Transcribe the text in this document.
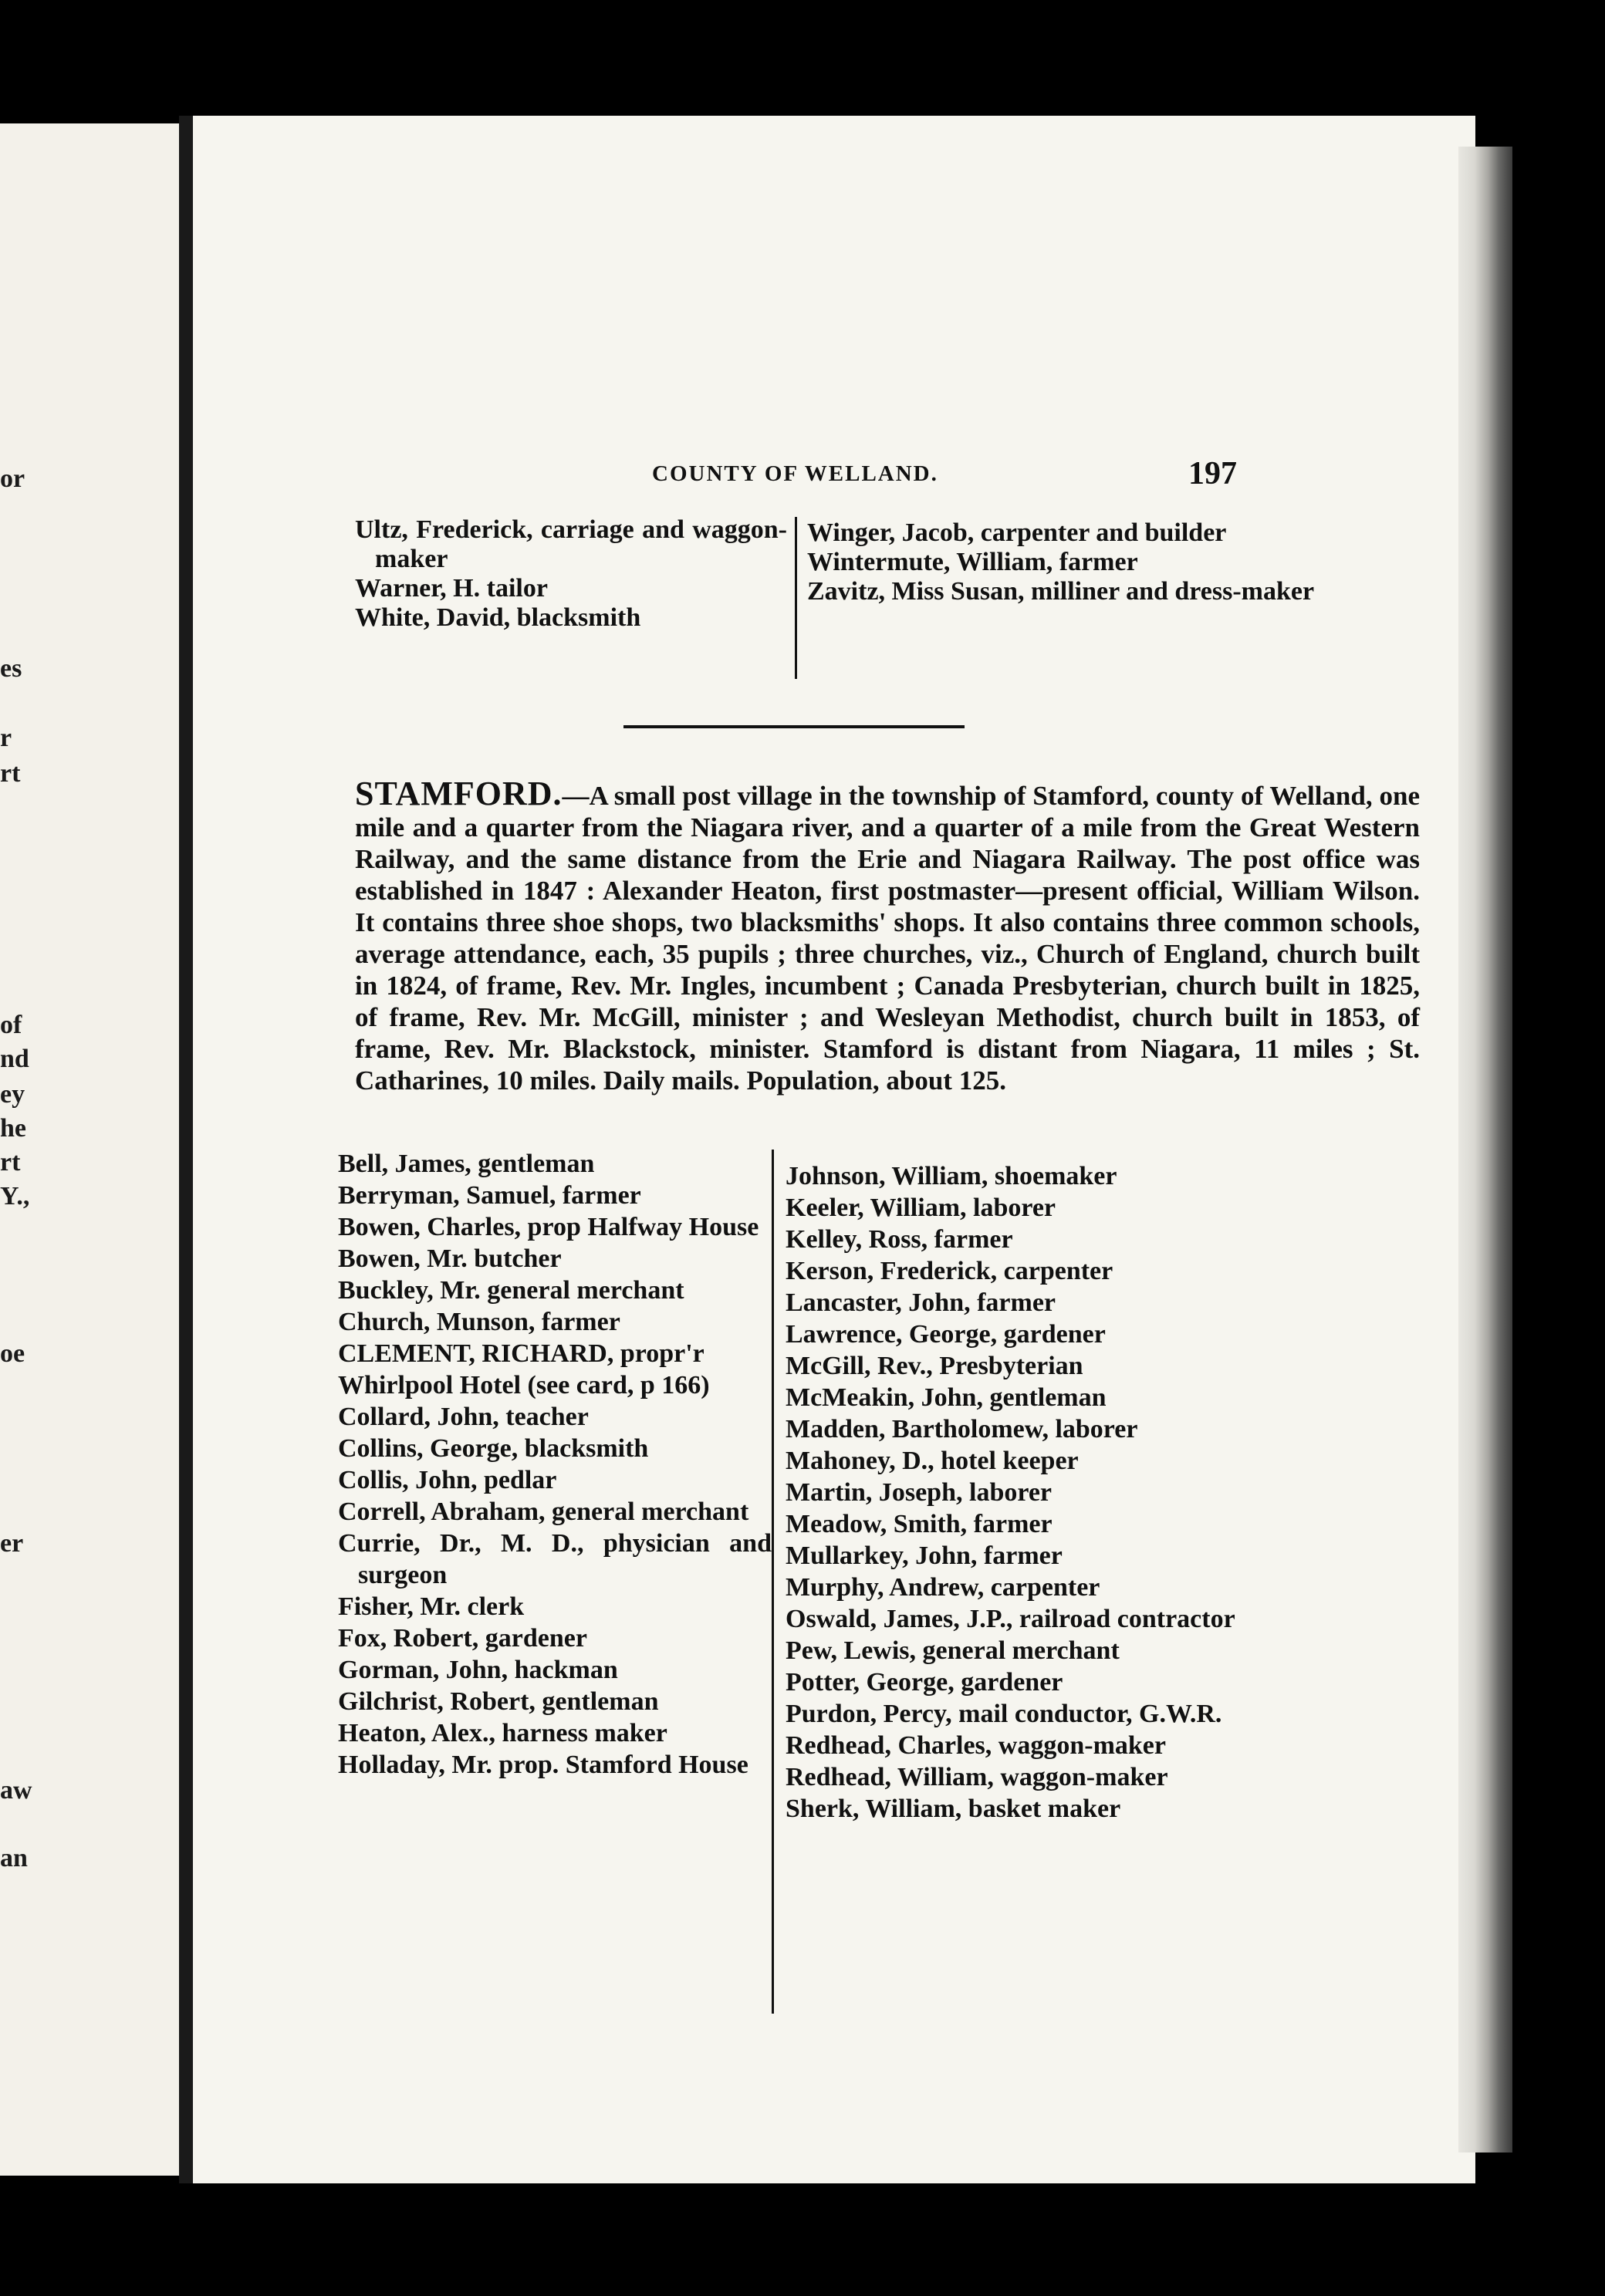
or
es
r
rt
of
nd
ey
he
rt
Y.,
oe
er
aw
an
COUNTY OF WELLAND.	197

Ultz, Frederick, carriage and waggon-maker

Warner, H. tailor

White, David, blacksmith

Winger, Jacob, carpenter and builder

Wintermute, William, farmer

Zavitz, Miss Susan, milliner and dress-maker

STAMFORD.—A small post village in the township of Stamford, county of Welland, one mile and a quarter from the Niagara river, and a quarter of a mile from the Great Western Railway, and the same distance from the Erie and Niagara Railway. The post office was established in 1847 : Alexander Heaton, first postmaster—present official, William Wilson. It contains three shoe shops, two blacksmiths' shops. It also contains three common schools, average attendance, each, 35 pupils ; three churches, viz., Church of England, church built in 1824, of frame, Rev. Mr. Ingles, incumbent ; Canada Presbyterian, church built in 1825, of frame, Rev. Mr. McGill, minister ; and Wesleyan Methodist, church built in 1853, of frame, Rev. Mr. Blackstock, minister. Stamford is distant from Niagara, 11 miles ; St. Catharines, 10 miles. Daily mails. Population, about 125.

Bell, James, gentleman

Berryman, Samuel, farmer

Bowen, Charles, prop Halfway House

Bowen, Mr. butcher

Buckley, Mr. general merchant

Church, Munson, farmer

CLEMENT, RICHARD, propr'r

Whirlpool Hotel (see card, p 166)

Collard, John, teacher

Collins, George, blacksmith

Collis, John, pedlar

Correll, Abraham, general merchant

Currie, Dr., M. D., physician and surgeon

Fisher, Mr. clerk

Fox, Robert, gardener

Gorman, John, hackman

Gilchrist, Robert, gentleman

Heaton, Alex., harness maker

Holladay, Mr. prop. Stamford House

Johnson, William, shoemaker

Keeler, William, laborer

Kelley, Ross, farmer

Kerson, Frederick, carpenter

Lancaster, John, farmer

Lawrence, George, gardener

McGill, Rev., Presbyterian

McMeakin, John, gentleman

Madden, Bartholomew, laborer

Mahoney, D., hotel keeper

Martin, Joseph, laborer

Meadow, Smith, farmer

Mullarkey, John, farmer

Murphy, Andrew, carpenter

Oswald, James, J.P., railroad contractor

Pew, Lewis, general merchant

Potter, George, gardener

Purdon, Percy, mail conductor, G.W.R.

Redhead, Charles, waggon-maker

Redhead, William, waggon-maker

Sherk, William, basket maker
